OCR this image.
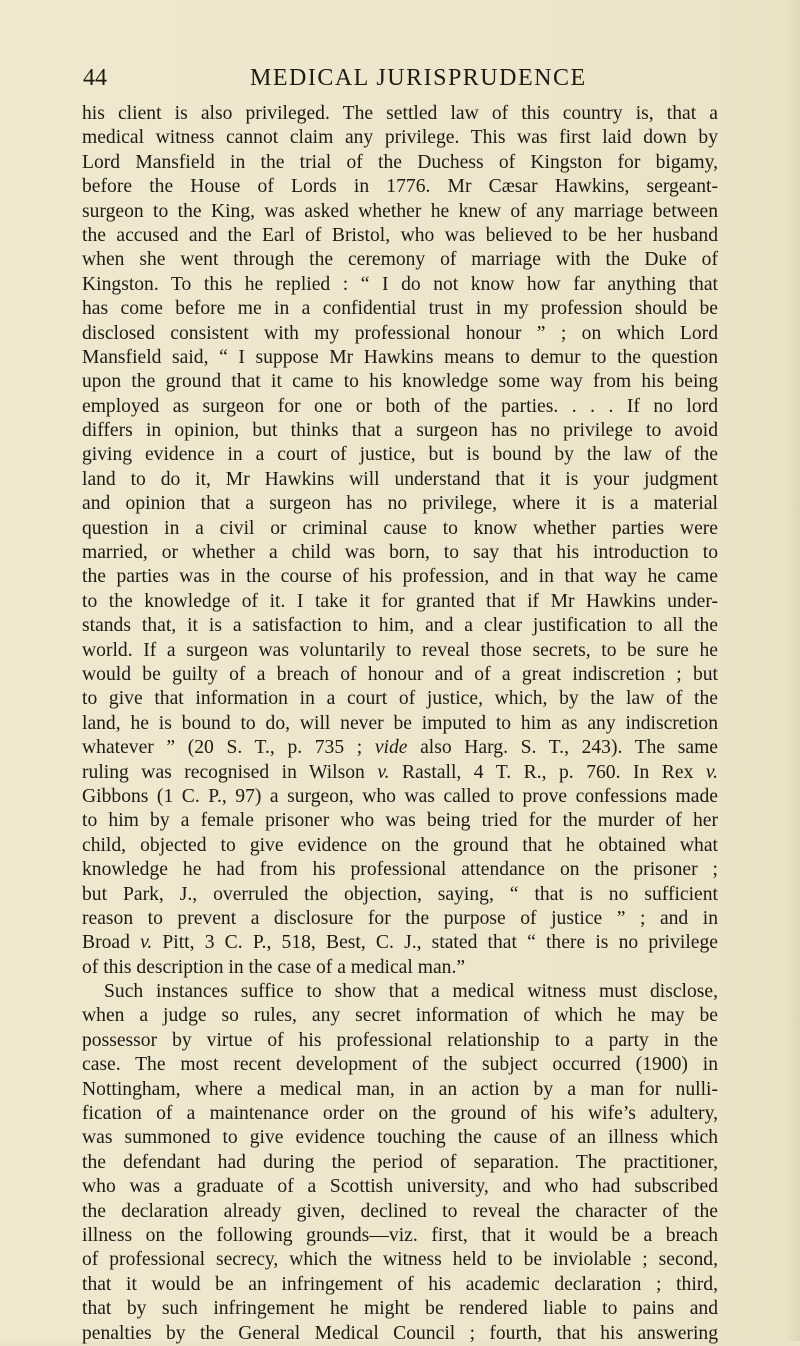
44	MEDICAL JURISPRUDENCE
his client is also privileged. The settled law of this country is, that a
medical witness cannot claim any privilege. This was first laid down by
Lord Mansfield in the trial of the Duchess of Kingston for bigamy,
before the House of Lords in 1776. Mr Cæsar Hawkins, sergeant-
surgeon to the King, was asked whether he knew of any marriage between
the accused and the Earl of Bristol, who was believed to be her husband
when she went through the ceremony of marriage with the Duke of
Kingston. To this he replied : “ I do not know how far anything that
has come before me in a confidential trust in my profession should be
disclosed consistent with my professional honour ” ; on which Lord
Mansfield said, “ I suppose Mr Hawkins means to demur to the question
upon the ground that it came to his knowledge some way from his being
employed as surgeon for one or both of the parties. . . . If no lord
differs in opinion, but thinks that a surgeon has no privilege to avoid
giving evidence in a court of justice, but is bound by the law of the
land to do it, Mr Hawkins will understand that it is your judgment
and opinion that a surgeon has no privilege, where it is a material
question in a civil or criminal cause to know whether parties were
married, or whether a child was born, to say that his introduction to
the parties was in the course of his profession, and in that way he came
to the knowledge of it. I take it for granted that if Mr Hawkins under-
stands that, it is a satisfaction to him, and a clear justification to all the
world. If a surgeon was voluntarily to reveal those secrets, to be sure he
would be guilty of a breach of honour and of a great indiscretion ; but
to give that information in a court of justice, which, by the law of the
land, he is bound to do, will never be imputed to him as any indiscretion
whatever ” (20 S. T., p. 735 ; vide also Harg. S. T., 243). The same
ruling was recognised in Wilson v. Rastall, 4 T. R., p. 760. In Rex v.
Gibbons (1 C. P., 97) a surgeon, who was called to prove confessions made
to him by a female prisoner who was being tried for the murder of her
child, objected to give evidence on the ground that he obtained what
knowledge he had from his professional attendance on the prisoner ;
but Park, J., overruled the objection, saying, “ that is no sufficient
reason to prevent a disclosure for the purpose of justice ” ; and in
Broad v. Pitt, 3 C. P., 518, Best, C. J., stated that “ there is no privilege
of this description in the case of a medical man.”
Such instances suffice to show that a medical witness must disclose,
when a judge so rules, any secret information of which he may be
possessor by virtue of his professional relationship to a party in the
case. The most recent development of the subject occurred (1900) in
Nottingham, where a medical man, in an action by a man for nulli-
fication of a maintenance order on the ground of his wife’s adultery,
was summoned to give evidence touching the cause of an illness which
the defendant had during the period of separation. The practitioner,
who was a graduate of a Scottish university, and who had subscribed
the declaration already given, declined to reveal the character of the
illness on the following grounds—viz. first, that it would be a breach
of professional secrecy, which the witness held to be inviolable ; second,
that it would be an infringement of his academic declaration ; third,
that by such infringement he might be rendered liable to pains and
penalties by the General Medical Council ; fourth, that his answering
